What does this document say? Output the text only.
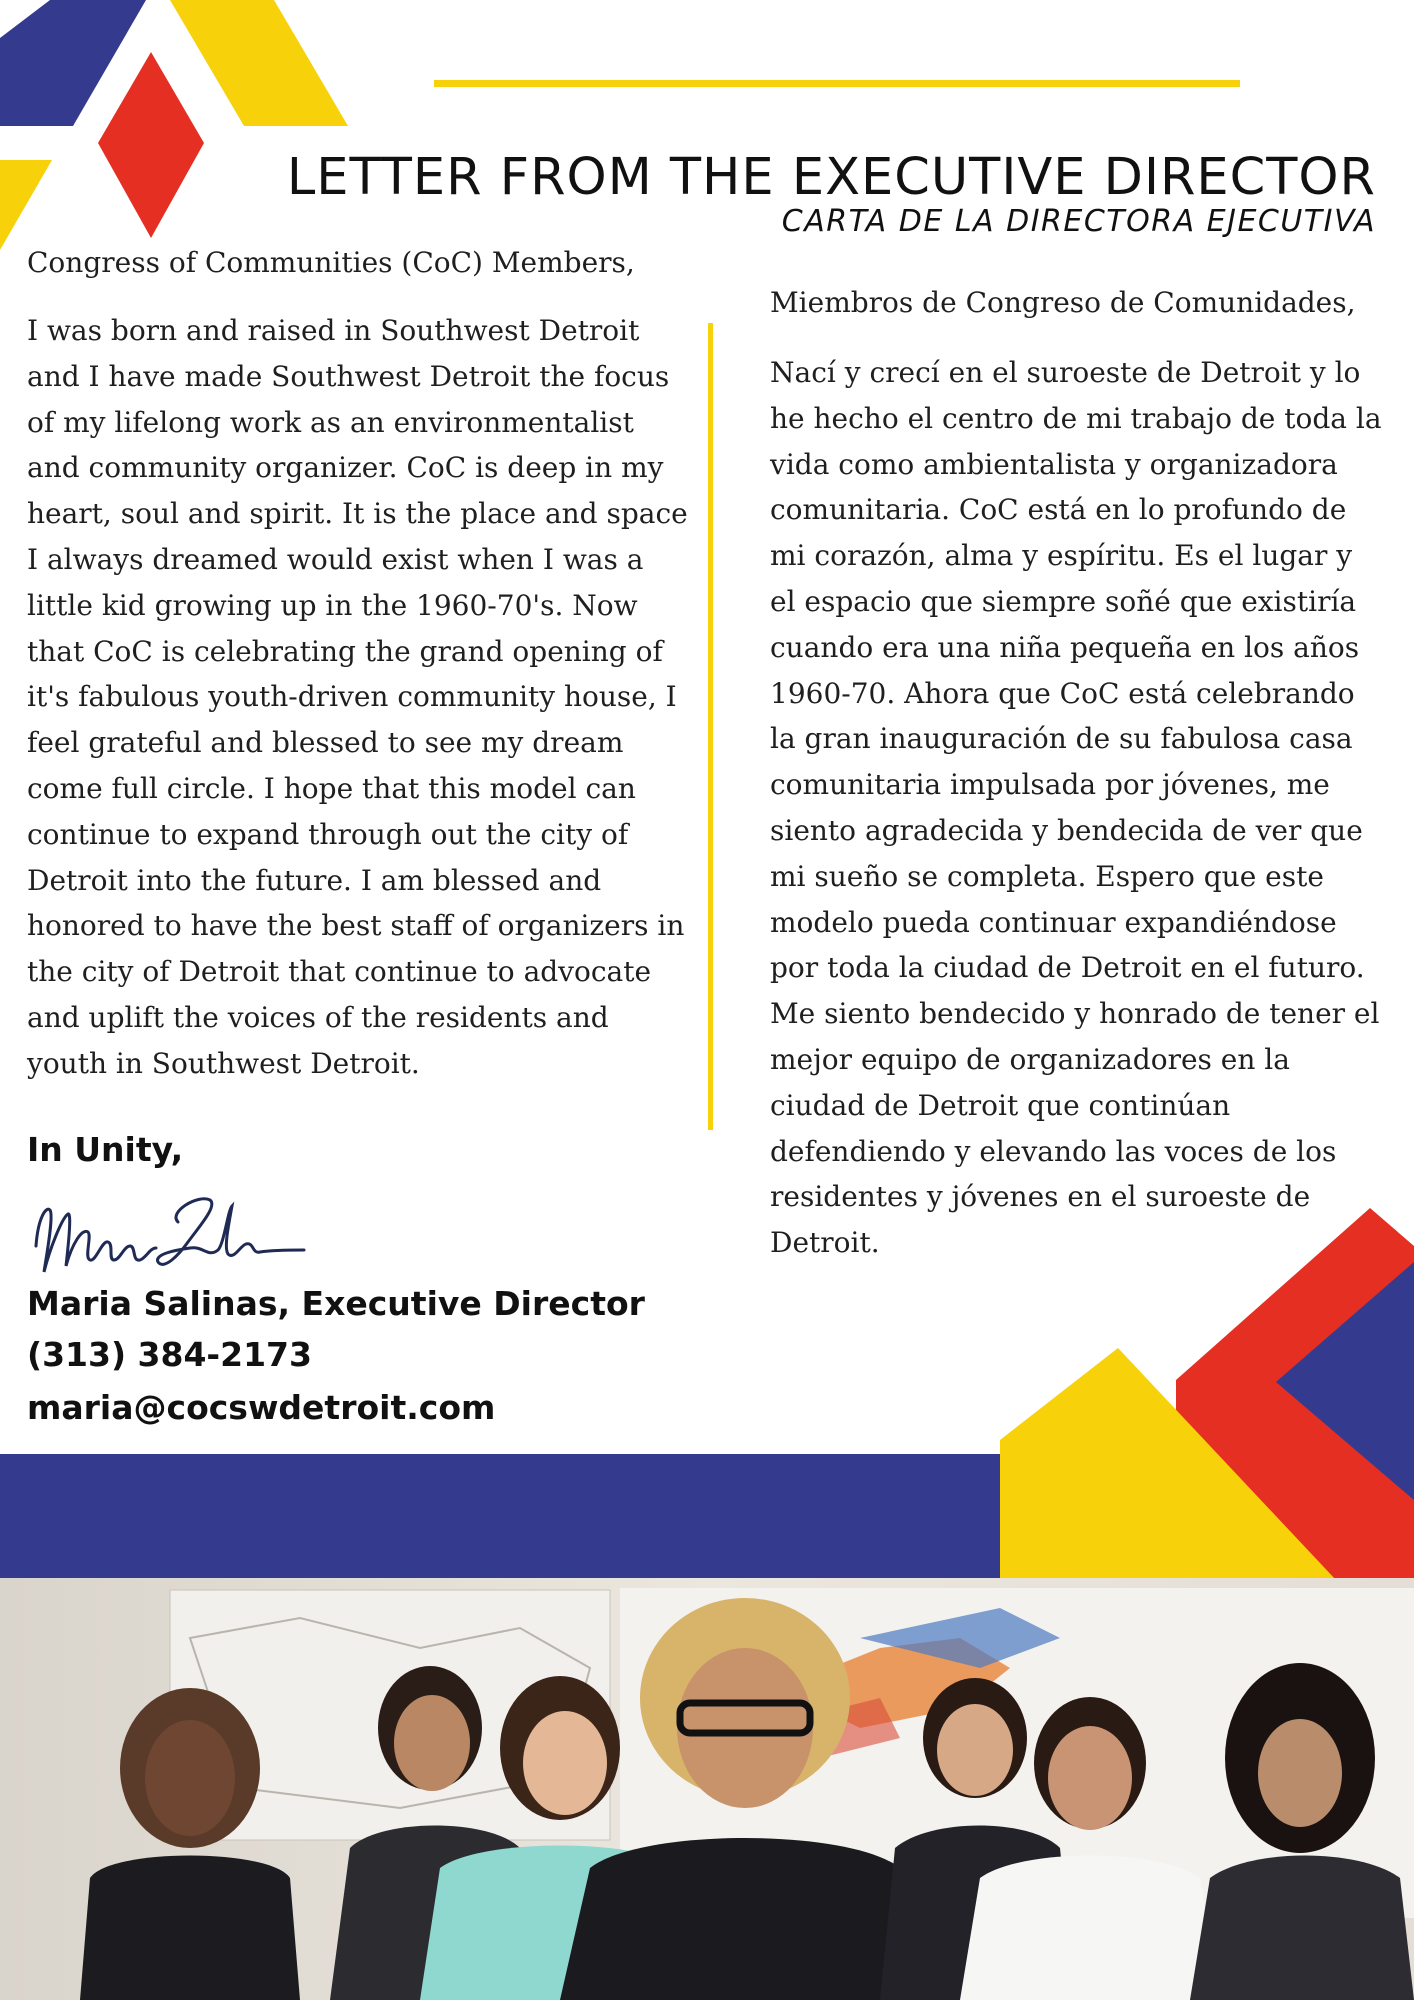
LETTER FROM THE EXECUTIVE DIRECTOR
CARTA DE LA DIRECTORA EJECUTIVA
Congress of Communities (CoC) Members,
I was born and raised in Southwest Detroit
and I have made Southwest Detroit the focus
of my lifelong work as an environmentalist
and community organizer. CoC is deep in my
heart, soul and spirit. It is the place and space
I always dreamed would exist when I was a
little kid growing up in the 1960-70's. Now
that CoC is celebrating the grand opening of
it's fabulous youth-driven community house, I
feel grateful and blessed to see my dream
come full circle. I hope that this model can
continue to expand through out the city of
Detroit into the future. I am blessed and
honored to have the best staff of organizers in
the city of Detroit that continue to advocate
and uplift the voices of the residents and
youth in Southwest Detroit.
Miembros de Congreso de Comunidades,
Nací y crecí en el suroeste de Detroit y lo
he hecho el centro de mi trabajo de toda la
vida como ambientalista y organizadora
comunitaria. CoC está en lo profundo de
mi corazón, alma y espíritu. Es el lugar y
el espacio que siempre soñé que existiría
cuando era una niña pequeña en los años
1960-70. Ahora que CoC está celebrando
la gran inauguración de su fabulosa casa
comunitaria impulsada por jóvenes, me
siento agradecida y bendecida de ver que
mi sueño se completa. Espero que este
modelo pueda continuar expandiéndose
por toda la ciudad de Detroit en el futuro.
Me siento bendecido y honrado de tener el
mejor equipo de organizadores en la
ciudad de Detroit que continúan
defendiendo y elevando las voces de los
residentes y jóvenes en el suroeste de
Detroit.
In Unity,
Maria Salinas, Executive Director
(313) 384-2173
maria@cocswdetroit.com
